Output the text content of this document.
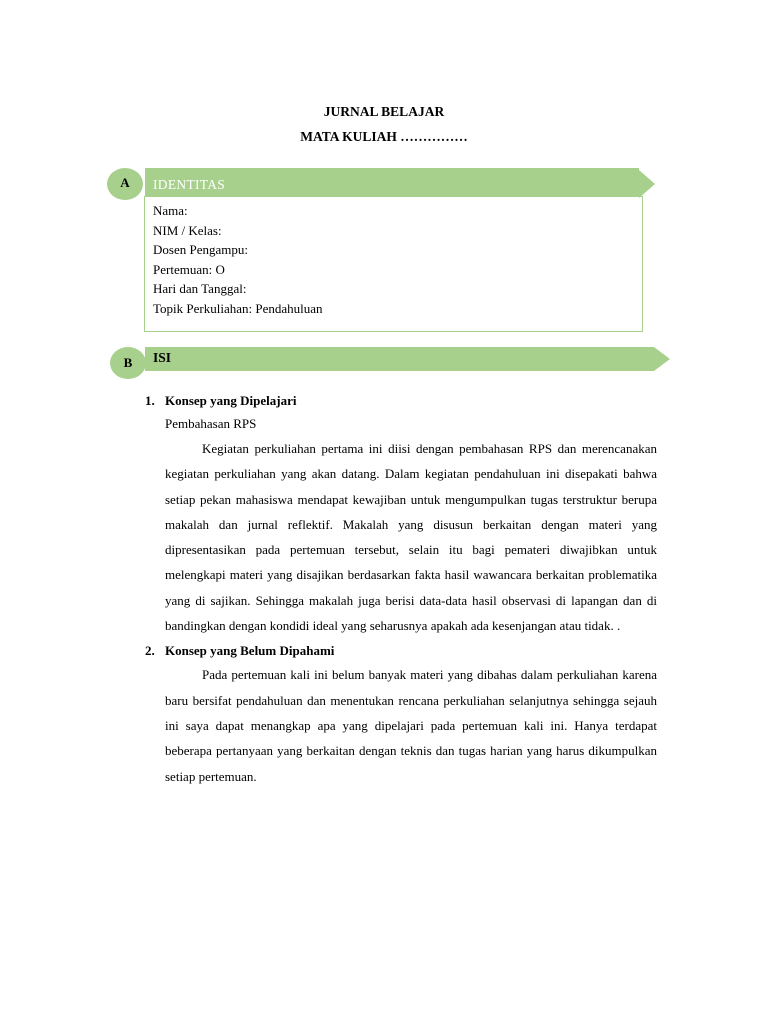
JURNAL BELAJAR
MATA KULIAH ……………
A	IDENTITAS
Nama:
NIM / Kelas:
Dosen Pengampu:
Pertemuan: O
Hari dan Tanggal:
Topik Perkuliahan: Pendahuluan
B	ISI
1. Konsep yang Dipelajari
Pembahasan RPS

Kegiatan perkuliahan pertama ini diisi dengan pembahasan RPS dan merencanakan kegiatan perkuliahan yang akan datang. Dalam kegiatan pendahuluan ini disepakati bahwa setiap pekan mahasiswa mendapat kewajiban untuk mengumpulkan tugas terstruktur berupa makalah dan jurnal reflektif. Makalah yang disusun berkaitan dengan materi yang dipresentasikan pada pertemuan tersebut, selain itu bagi pemateri diwajibkan untuk melengkapi materi yang disajikan berdasarkan fakta hasil wawancara berkaitan problematika yang di sajikan. Sehingga makalah juga berisi data-data hasil observasi di lapangan dan di bandingkan dengan kondidi ideal yang seharusnya apakah ada kesenjangan atau tidak. .

2. Konsep yang Belum Dipahami

Pada pertemuan kali ini belum banyak materi yang dibahas dalam perkuliahan karena baru bersifat pendahuluan dan menentukan rencana perkuliahan selanjutnya sehingga sejauh ini saya dapat menangkap apa yang dipelajari pada pertemuan kali ini. Hanya terdapat beberapa pertanyaan yang berkaitan dengan teknis dan tugas harian yang harus dikumpulkan setiap pertemuan.
